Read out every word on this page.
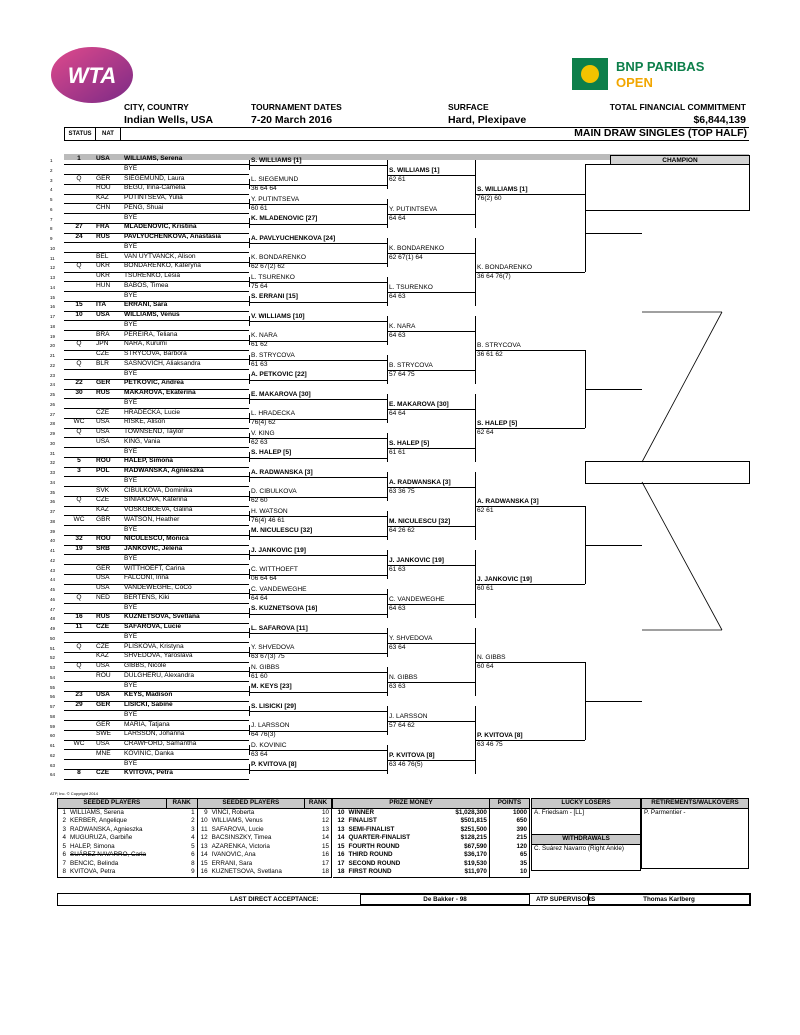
WTA	BNP PARIBAS
OPEN
CITY, COUNTRY
Indian Wells, USA
TOURNAMENT DATES
7-20 March 2016
SURFACE
Hard, Plexipave
TOTAL FINANCIAL COMMITMENT
$6,844,139
STATUS	NAT	MAIN DRAW SINGLES (TOP HALF)
CHAMPION
1	1	USA WILLIAMS, Serena
2	BYE
3	Q	GER SIEGEMUND, Laura
4	ROU BEGU, Irina-Camelia
5	KAZ PUTINTSEVA, Yulia
6	CHN PENG, Shuai
7	BYE
8	27	FRA MLADENOVIC, Kristina
9	24	RUS PAVLYUCHENKOVA, Anastasia
10	BYE
11	BEL VAN UYTVANCK, Alison
12	Q	UKR BONDARENKO, Kateryna
13	UKR TSURENKO, Lesia
14	HUN BABOS, Timea
15	BYE
16	15	ITA	ERRANI, Sara
17	10	USA WILLIAMS, Venus
18	BYE
19	BRA PEREIRA, Teliana
20	Q	JPN NARA, Kurumi
21	CZE STRYCOVA, Barbora
22	Q	BLR SASNOVICH, Aliaksandra
23	BYE
24	22	GER PETKOVIC, Andrea
25	30	RUS MAKAROVA, Ekaterina
26	BYE
27	CZE HRADECKA, Lucie
28	WC	USA RISKE, Alison
29	Q	USA TOWNSEND, Taylor
30	USA KING, Vania
31	BYE
32	5	ROU HALEP, Simona
33	3	POL RADWANSKA, Agnieszka
34	BYE
35	SVK CIBULKOVA, Dominika
36	Q	CZE SINIAKOVA, Katerina
37	KAZ VOSKOBOEVA, Galina
38	WC	GBR WATSON, Heather
39	BYE
40	32	ROU NICULESCU, Monica
41	19	SRB JANKOVIC, Jelena
42	BYE
43	GER WITTHOEFT, Carina
44	USA FALCONI, Irina
45	USA VANDEWEGHE, CoCo
46	Q	NED BERTENS, Kiki
47	BYE
48	16	RUS KUZNETSOVA, Svetlana
49	11	CZE SAFAROVA, Lucie
50	BYE
51	Q	CZE PLISKOVA, Kristyna
52	KAZ SHVEDOVA, Yaroslava
53	Q	USA GIBBS, Nicole
54	ROU DULGHERU, Alexandra
55	BYE
56	23	USA KEYS, Madison
57	29	GER LISICKI, Sabine
58	BYE
59	GER MARIA, Tatjana
60	SWE LARSSON, Johanna
61	WC	USA CRAWFORD, Samantha
62	MNE KOVINIC, Danka
63	BYE
64	8	CZE KVITOVA, Petra
S. WILLIAMS [1]
L. SIEGEMUND
36 64 64
Y. PUTINTSEVA
60 61
K. MLADENOVIC [27]
A. PAVLYUCHENKOVA [24]
K. BONDARENKO
62 67(2) 62
L. TSURENKO
75 64
S. ERRANI [15]
V. WILLIAMS [10]
K. NARA
61 62
B. STRYCOVA
61 63
A. PETKOVIC [22]
E. MAKAROVA [30]
L. HRADECKA
76(4) 62
V. KING
62 63
S. HALEP [5]
A. RADWANSKA [3]
D. CIBULKOVA
62 60
H. WATSON
76(4) 46 61
M. NICULESCU [32]
J. JANKOVIC [19]
C. WITTHOEFT
06 64 64
C. VANDEWEGHE
64 64
S. KUZNETSOVA [16]
L. SAFAROVA [11]
Y. SHVEDOVA
63 67(3) 75
N. GIBBS
61 60
M. KEYS [23]
S. LISICKI [29]
J. LARSSON
64 76(3)
D. KOVINIC
63 64
P. KVITOVA [8]
S. WILLIAMS [1]
62 61
Y. PUTINTSEVA
64 64
K. BONDARENKO
62 67(1) 64
L. TSURENKO
64 63
K. NARA
64 63
B. STRYCOVA
57 64 75
E. MAKAROVA [30]
64 64
S. HALEP [5]
61 61
A. RADWANSKA [3]
63 36 75
M. NICULESCU [32]
64 26 62
J. JANKOVIC [19]
61 63
C. VANDEWEGHE
64 63
Y. SHVEDOVA
63 64
N. GIBBS
63 63
J. LARSSON
57 64 62
P. KVITOVA [8]
63 46 76(5)
S. WILLIAMS [1]
76(2) 60
K. BONDARENKO
36 64 76(7)
B. STRYCOVA
36 61 62
S. HALEP [5]
62 64
A. RADWANSKA [3]
62 61
J. JANKOVIC [19]
60 61
N. GIBBS
60 64
P. KVITOVA [8]
63 46 75
ATP, Inc. © Copyright 2014
SEEDED PLAYERS		RANK	SEEDED PLAYERS		RANK
1	WILLIAMS, Serena	1	9	VINCI, Roberta	10
2	KERBER, Angelique	2	10	WILLIAMS, Venus	12
3	RADWANSKA, Agnieszka	3	11	SAFAROVA, Lucie	13
4	MUGURUZA, Garbiñe	4	12	BACSINSZKY, Timea	14
5	HALEP, Simona	5	13	AZARENKA, Victoria	15
6	SUÁREZ NAVARRO, Carla	6	14	IVANOVIC, Ana	16
7	BENCIC, Belinda	8	15	ERRANI, Sara	17
8	KVITOVA, Petra	9	16	KUZNETSOVA, Svetlana	18
PRIZE MONEY			POINTS
10	WINNER	$1,028,300	1000
12	FINALIST	$501,815	650
13	SEMI-FINALIST	$251,500	390
14	QUARTER-FINALIST	$128,215	215
15	FOURTH ROUND	$67,590	120
16	THIRD ROUND	$36,170	65
17	SECOND ROUND	$19,530	35
18	FIRST ROUND	$11,970	10
LUCKY LOSERS
A. Friedsam - [LL]

WITHDRAWALS
C. Suárez Navarro (Right Ankle)

RETIREMENTS/WALKOVERS
P. Parmentier -

LAST DIRECT ACCEPTANCE:	De Bakker - 98	ATP SUPERVISORS	Thomas Karlberg
